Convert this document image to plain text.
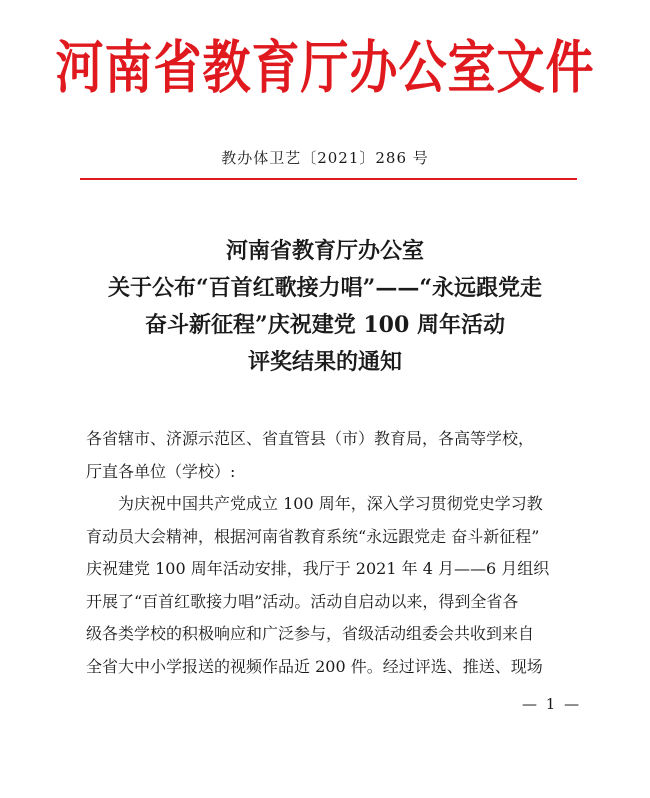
河南省教育厅办公室文件
教办体卫艺〔2021〕286 号
河南省教育厅办公室
关于公布“百首红歌接力唱”——“永远跟党走
奋斗新征程”庆祝建党 100 周年活动
评奖结果的通知
各省辖市、济源示范区、省直管县（市）教育局，各高等学校，
厅直各单位（学校）:
为庆祝中国共产党成立 100 周年，深入学习贯彻党史学习教
育动员大会精神，根据河南省教育系统“永远跟党走 奋斗新征程”
庆祝建党 100 周年活动安排，我厅于 2021 年 4 月——6 月组织
开展了“百首红歌接力唱”活动。活动自启动以来，得到全省各
级各类学校的积极响应和广泛参与，省级活动组委会共收到来自
全省大中小学报送的视频作品近 200 件。经过评选、推送、现场
— 1 —
